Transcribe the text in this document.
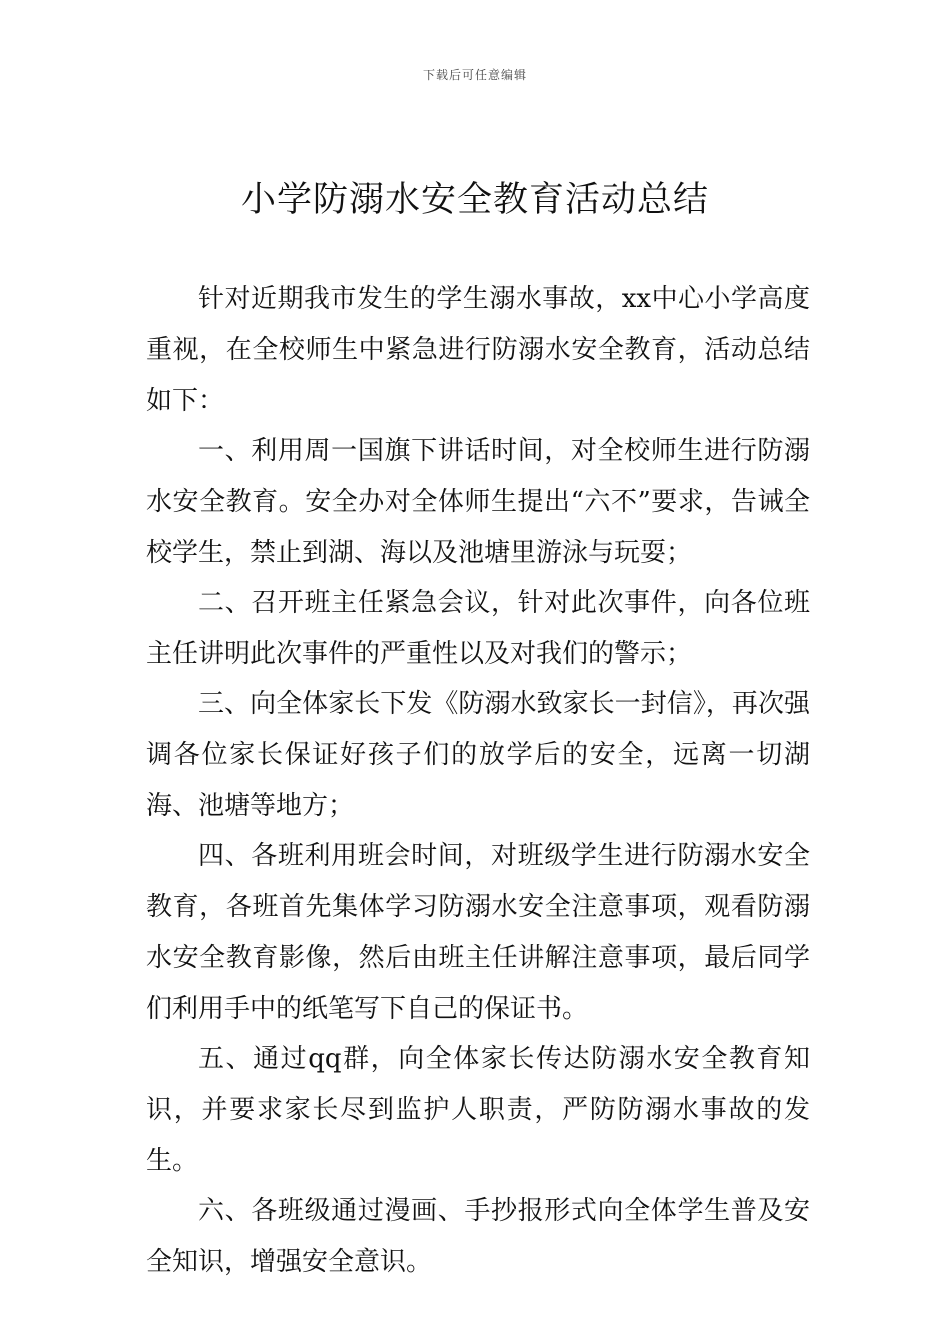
下载后可任意编辑
小学防溺水安全教育活动总结

针对近期我市发生的学生溺水事故，xx中心小学高度重视，在全校师生中紧急进行防溺水安全教育，活动总结如下：

一、利用周一国旗下讲话时间，对全校师生进行防溺水安全教育。安全办对全体师生提出“六不”要求，告诫全校学生，禁止到湖、海以及池塘里游泳与玩耍；

二、召开班主任紧急会议，针对此次事件，向各位班主任讲明此次事件的严重性以及对我们的警示；

三、向全体家长下发《防溺水致家长一封信》，再次强调各位家长保证好孩子们的放学后的安全，远离一切湖海、池塘等地方；

四、各班利用班会时间，对班级学生进行防溺水安全教育，各班首先集体学习防溺水安全注意事项，观看防溺水安全教育影像，然后由班主任讲解注意事项，最后同学们利用手中的纸笔写下自己的保证书。

五、通过qq群，向全体家长传达防溺水安全教育知识，并要求家长尽到监护人职责，严防防溺水事故的发生。

六、各班级通过漫画、手抄报形式向全体学生普及安全知识，增强安全意识。
